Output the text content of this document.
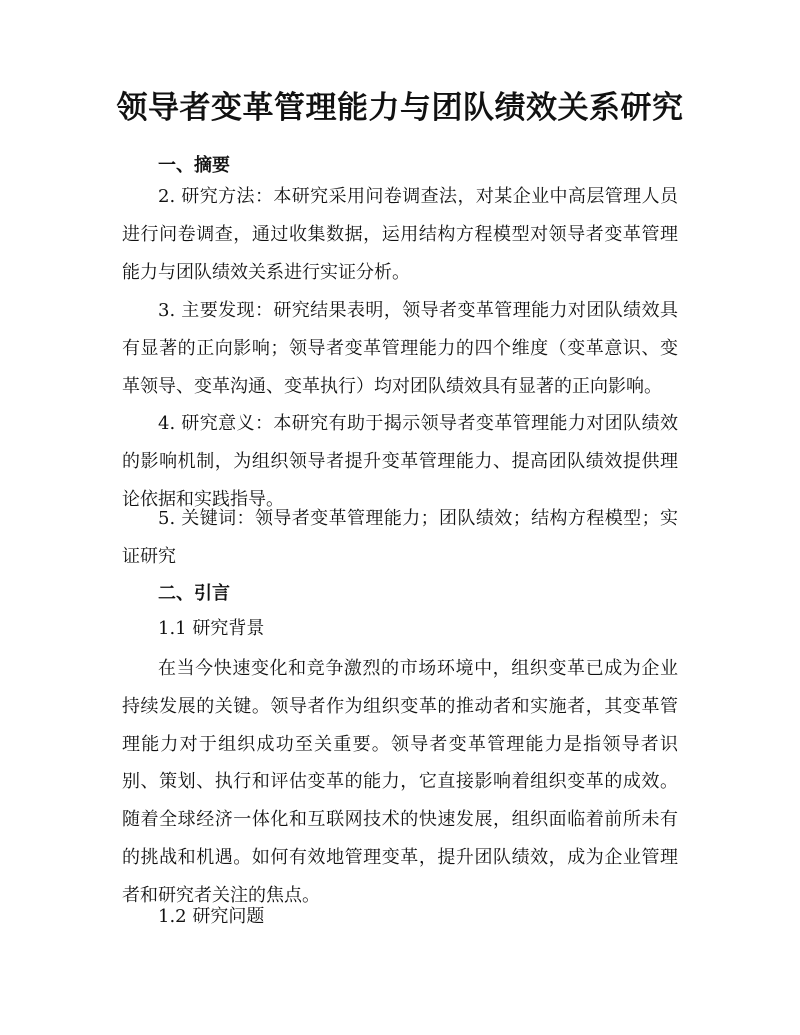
领导者变革管理能力与团队绩效关系研究

一、摘要

2. 研究方法：本研究采用问卷调查法，对某企业中高层管理人员进行问卷调查，通过收集数据，运用结构方程模型对领导者变革管理能力与团队绩效关系进行实证分析。

3. 主要发现：研究结果表明，领导者变革管理能力对团队绩效具有显著的正向影响；领导者变革管理能力的四个维度（变革意识、变革领导、变革沟通、变革执行）均对团队绩效具有显著的正向影响。

4. 研究意义：本研究有助于揭示领导者变革管理能力对团队绩效的影响机制，为组织领导者提升变革管理能力、提高团队绩效提供理论依据和实践指导。

5. 关键词：领导者变革管理能力；团队绩效；结构方程模型；实证研究

二、引言

1.1 研究背景

在当今快速变化和竞争激烈的市场环境中，组织变革已成为企业持续发展的关键。领导者作为组织变革的推动者和实施者，其变革管理能力对于组织成功至关重要。领导者变革管理能力是指领导者识别、策划、执行和评估变革的能力，它直接影响着组织变革的成效。随着全球经济一体化和互联网技术的快速发展，组织面临着前所未有的挑战和机遇。如何有效地管理变革，提升团队绩效，成为企业管理者和研究者关注的焦点。

1.2 研究问题
